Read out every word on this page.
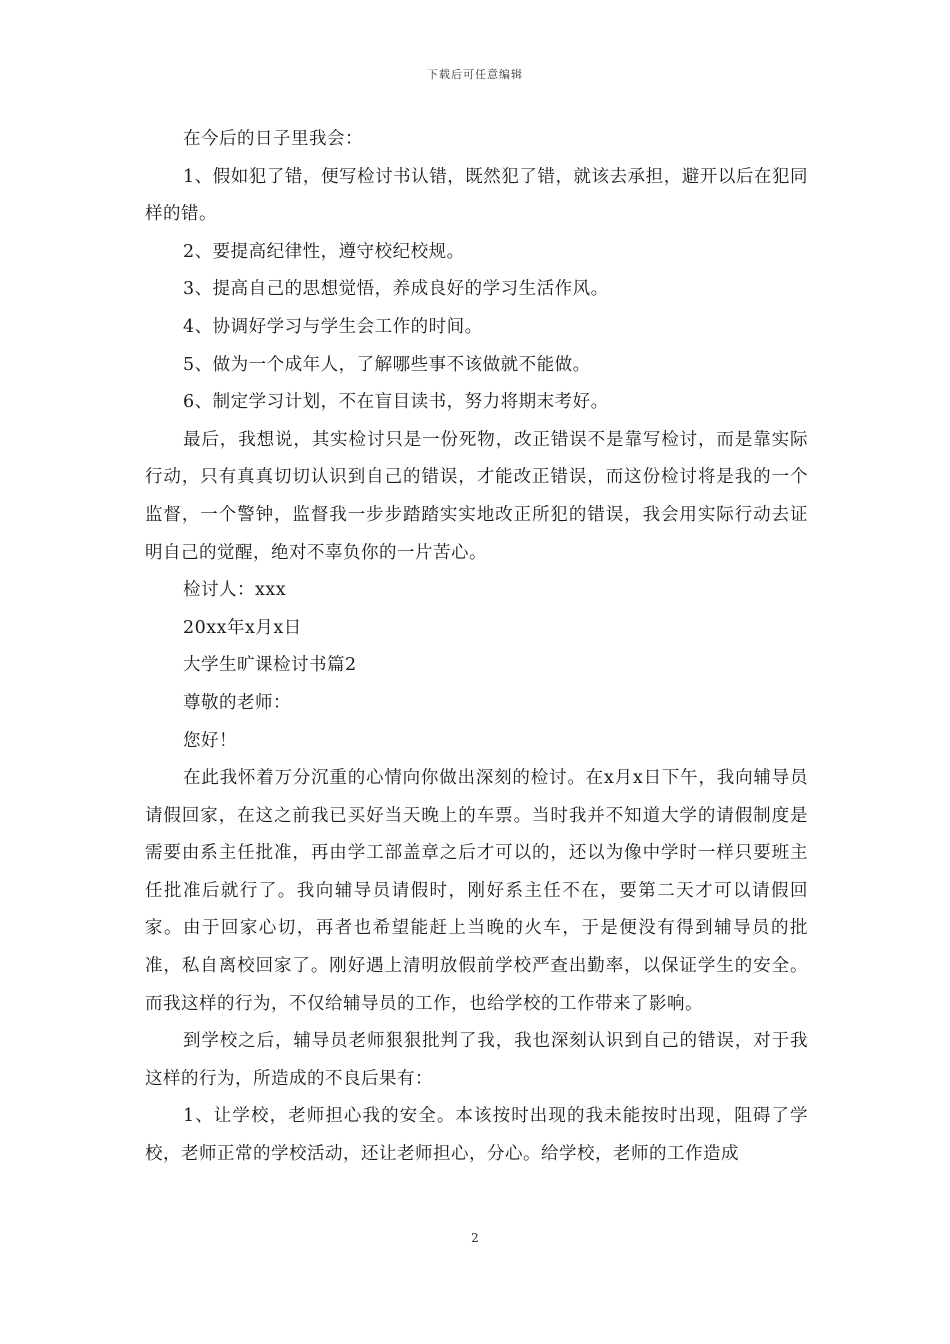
下载后可任意编辑

在今后的日子里我会：

1、假如犯了错，便写检讨书认错，既然犯了错，就该去承担，避开以后在犯同样的错。

2、要提高纪律性，遵守校纪校规。

3、提高自己的思想觉悟，养成良好的学习生活作风。

4、协调好学习与学生会工作的时间。

5、做为一个成年人，了解哪些事不该做就不能做。

6、制定学习计划，不在盲目读书，努力将期末考好。

最后，我想说，其实检讨只是一份死物，改正错误不是靠写检讨，而是靠实际行动，只有真真切切认识到自己的错误，才能改正错误，而这份检讨将是我的一个监督，一个警钟，监督我一步步踏踏实实地改正所犯的错误，我会用实际行动去证明自己的觉醒，绝对不辜负你的一片苦心。

检讨人：xxx

20xx年x月x日

大学生旷课检讨书篇2

尊敬的老师：

您好！

在此我怀着万分沉重的心情向你做出深刻的检讨。在x月x日下午，我向辅导员请假回家，在这之前我已买好当天晚上的车票。当时我并不知道大学的请假制度是需要由系主任批准，再由学工部盖章之后才可以的，还以为像中学时一样只要班主任批准后就行了。我向辅导员请假时，刚好系主任不在，要第二天才可以请假回家。由于回家心切，再者也希望能赶上当晚的火车，于是便没有得到辅导员的批准，私自离校回家了。刚好遇上清明放假前学校严查出勤率，以保证学生的安全。而我这样的行为，不仅给辅导员的工作，也给学校的工作带来了影响。

到学校之后，辅导员老师狠狠批判了我，我也深刻认识到自己的错误，对于我这样的行为，所造成的不良后果有：

1、让学校，老师担心我的安全。本该按时出现的我未能按时出现，阻碍了学校，老师正常的学校活动，还让老师担心，分心。给学校，老师的工作造成

2
